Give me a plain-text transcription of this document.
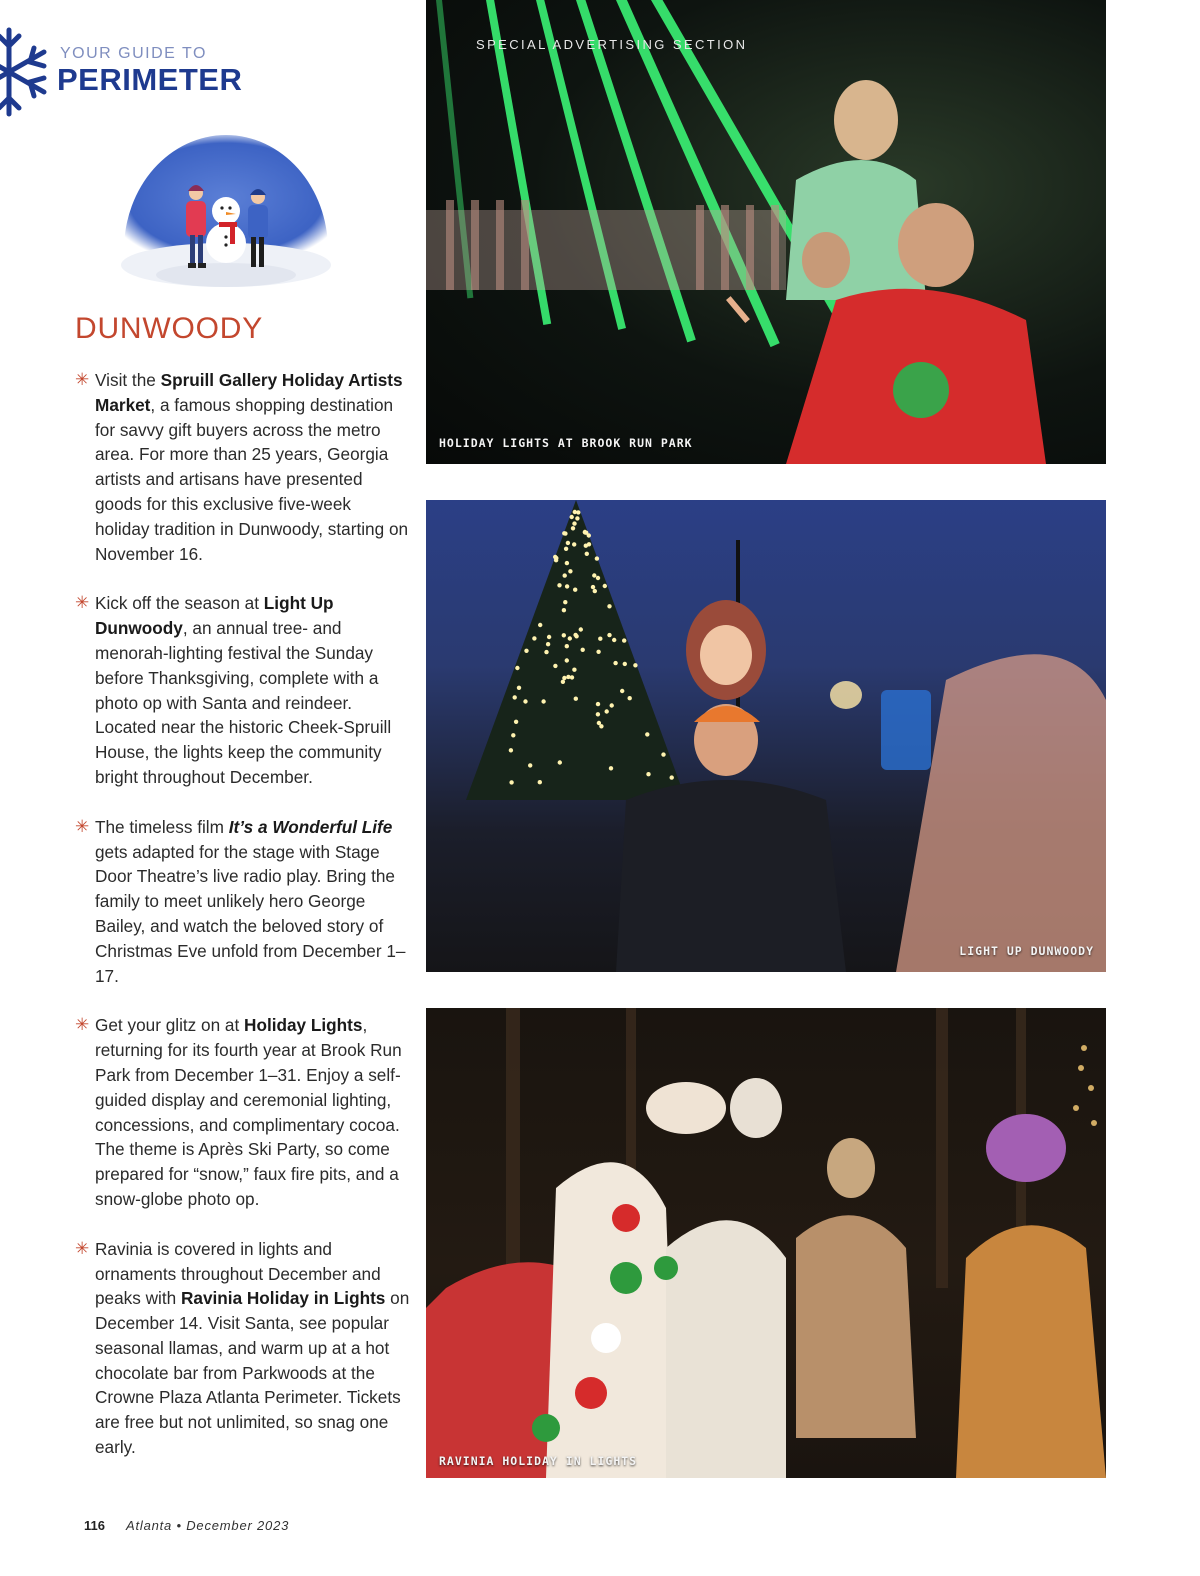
YOUR GUIDE TO
PERIMETER
DUNWOODY
✳ Visit the Spruill Gallery Holiday Artists Market, a famous shopping destination for savvy gift buyers across the metro area. For more than 25 years, Georgia artists and artisans have presented goods for this exclusive five-week holiday tradition in Dunwoody, starting on November 16.
✳ Kick off the season at Light Up Dunwoody, an annual tree- and menorah-lighting festival the Sunday before Thanksgiving, complete with a photo op with Santa and reindeer. Located near the historic Cheek-Spruill House, the lights keep the community bright throughout December.
✳ The timeless film It’s a Wonderful Life gets adapted for the stage with Stage Door Theatre’s live radio play. Bring the family to meet unlikely hero George Bailey, and watch the beloved story of Christmas Eve unfold from December 1–17.
✳ Get your glitz on at Holiday Lights, returning for its fourth year at Brook Run Park from December 1–31. Enjoy a self-guided display and ceremonial lighting, concessions, and complimentary cocoa. The theme is Après Ski Party, so come prepared for “snow,” faux fire pits, and a snow-globe photo op.
✳ Ravinia is covered in lights and ornaments throughout December and peaks with Ravinia Holiday in Lights on December 14. Visit Santa, see popular seasonal llamas, and warm up at a hot chocolate bar from Parkwoods at the Crowne Plaza Atlanta Perimeter. Tickets are free but not unlimited, so snag one early.
HOLIDAY LIGHTS AT BROOK RUN PARK
SPECIAL ADVERTISING SECTION
LIGHT UP DUNWOODY
RAVINIA HOLIDAY IN LIGHTS
116 Atlanta • December 2023
